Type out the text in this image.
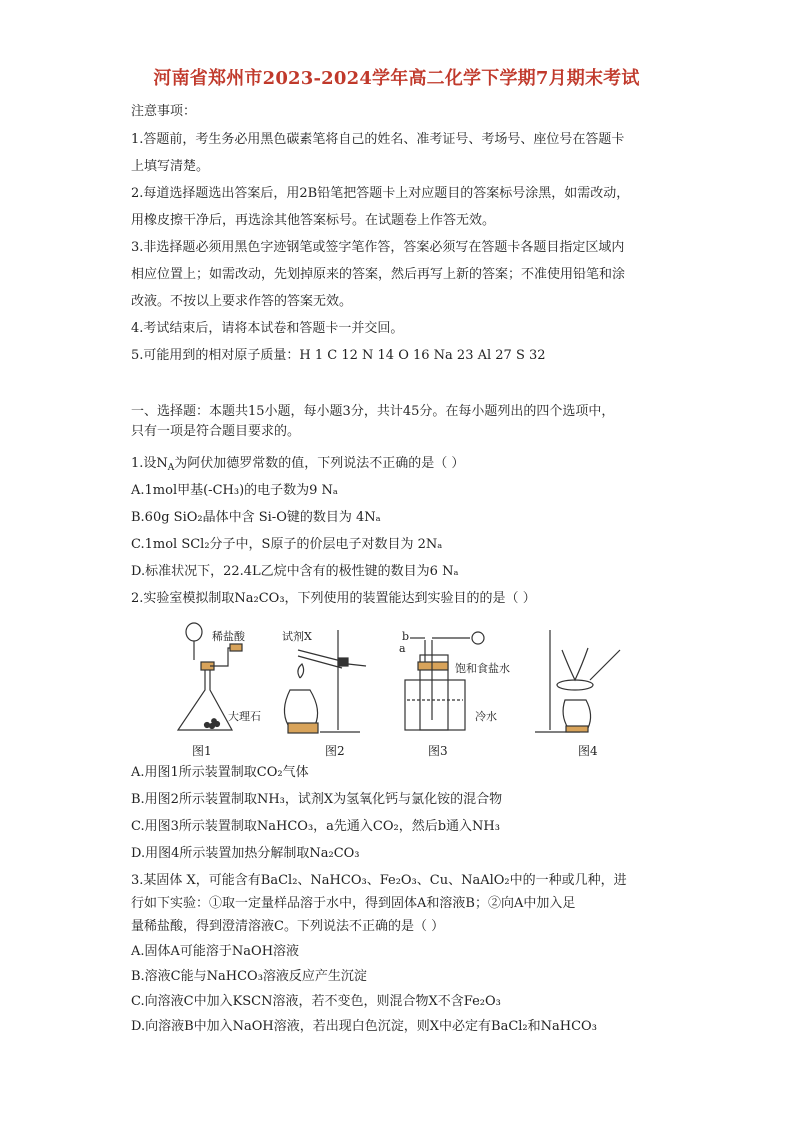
河南省郑州市2023-2024学年高二化学下学期7月期末考试
注意事项：
1.答题前，考生务必用黑色碳素笔将自己的姓名、准考证号、考场号、座位号在答题卡
上填写清楚。
2.每道选择题选出答案后，用2B铅笔把答题卡上对应题目的答案标号涂黑，如需改动，
用橡皮擦干净后，再选涂其他答案标号。在试题卷上作答无效。
3.非选择题必须用黑色字迹钢笔或签字笔作答，答案必须写在答题卡各题目指定区域内
相应位置上；如需改动，先划掉原来的答案，然后再写上新的答案；不准使用铅笔和涂
改液。不按以上要求作答的答案无效。
4.考试结束后，请将本试卷和答题卡一并交回。
5.可能用到的相对原子质量：H 1 C 12 N 14 O 16 Na 23 Al 27 S 32
一、选择题：本题共15小题，每小题3分，共计45分。在每小题列出的四个选项中，
只有一项是符合题目要求的。
1.设$N_A$为阿伏加德罗常数的值，下列说法不正确的是（ ）
A.1mol甲基(-CH₃)的电子数为9 Nₐ
B.60g SiO₂晶体中含 Si-O键的数目为 4Nₐ
C.1mol SCl₂分子中，S原子的价层电子对数目为 2Nₐ
D.标准状况下，22.4L乙烷中含有的极性键的数目为6 Nₐ
2.实验室模拟制取Na₂CO₃，下列使用的装置能达到实验目的的是（ ）
稀盐酸
大理石
试剂X	b
a
饱和食盐水
冷水
图1	图2	图3	图4
A.用图1所示装置制取CO₂气体
B.用图2所示装置制取NH₃，试剂X为氢氧化钙与氯化铵的混合物
C.用图3所示装置制取NaHCO₃，a先通入CO₂，然后b通入NH₃
D.用图4所示装置加热分解制取Na₂CO₃
3.某固体 X，可能含有BaCl₂、NaHCO₃、Fe₂O₃、Cu、NaAlO₂中的一种或几种，进
行如下实验：①取一定量样品溶于水中，得到固体A和溶液B；②向A中加入足
量稀盐酸，得到澄清溶液C。下列说法不正确的是（ ）
A.固体A可能溶于NaOH溶液
B.溶液C能与NaHCO₃溶液反应产生沉淀
C.向溶液C中加入KSCN溶液，若不变色，则混合物X不含Fe₂O₃
D.向溶液B中加入NaOH溶液，若出现白色沉淀，则X中必定有BaCl₂和NaHCO₃
